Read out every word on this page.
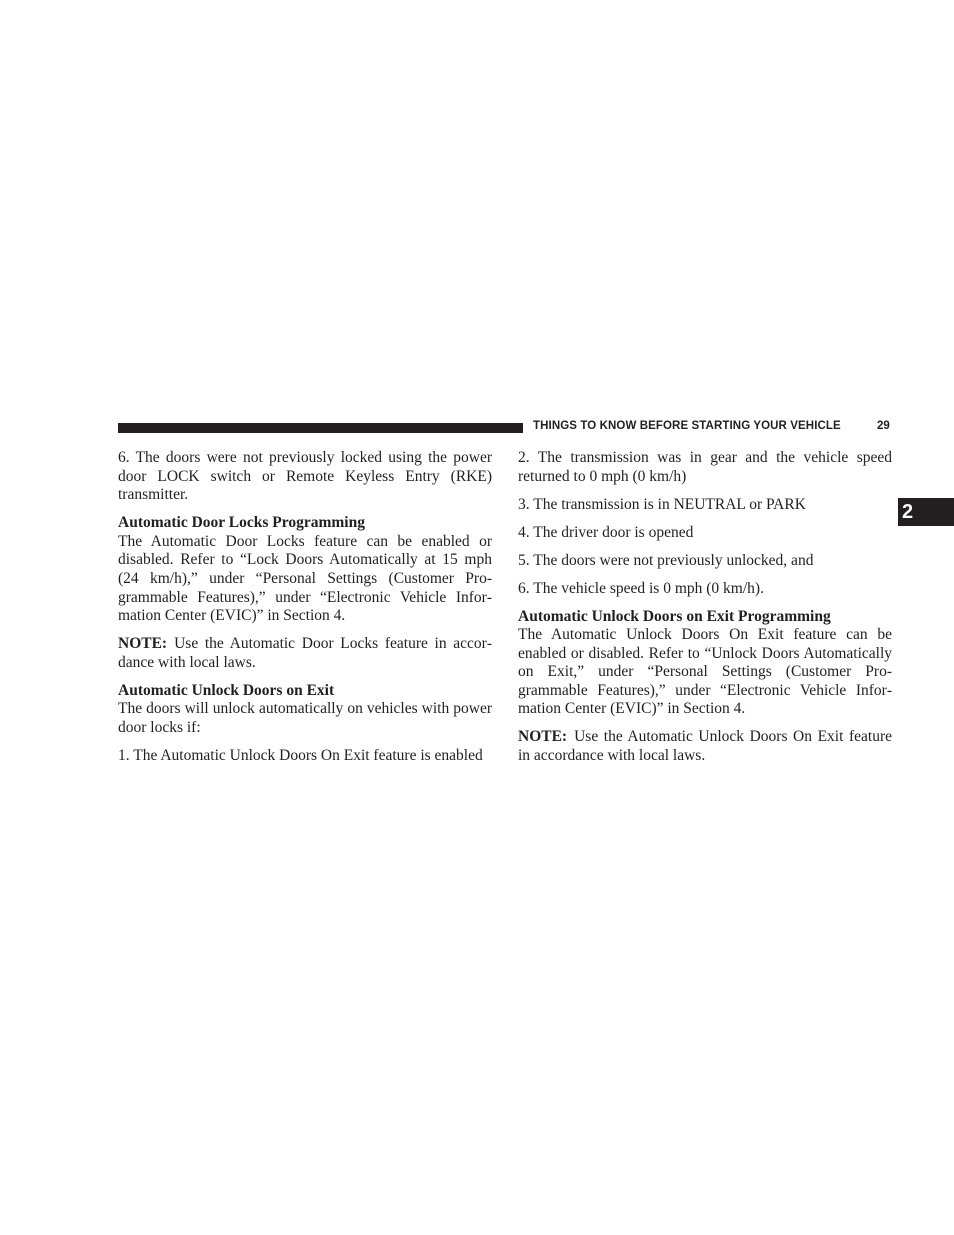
THINGS TO KNOW BEFORE STARTING YOUR VEHICLE	29
2

6. The doors were not previously locked using the power door LOCK switch or Remote Keyless Entry (RKE) transmitter.

Automatic Door Locks Programming

The Automatic Door Locks feature can be enabled or disabled. Refer to “Lock Doors Automatically at 15 mph (24 km/h),” under “Personal Settings (Customer Programmable Features),” under “Electronic Vehicle Information Center (EVIC)” in Section 4.

NOTE: Use the Automatic Door Locks feature in accordance with local laws.

Automatic Unlock Doors on Exit

The doors will unlock automatically on vehicles with power door locks if:

1. The Automatic Unlock Doors On Exit feature is enabled

2. The transmission was in gear and the vehicle speed returned to 0 mph (0 km/h)

3. The transmission is in NEUTRAL or PARK

4. The driver door is opened

5. The doors were not previously unlocked, and

6. The vehicle speed is 0 mph (0 km/h).

Automatic Unlock Doors on Exit Programming

The Automatic Unlock Doors On Exit feature can be enabled or disabled. Refer to “Unlock Doors Automatically on Exit,” under “Personal Settings (Customer Programmable Features),” under “Electronic Vehicle Information Center (EVIC)” in Section 4.

NOTE: Use the Automatic Unlock Doors On Exit feature in accordance with local laws.
